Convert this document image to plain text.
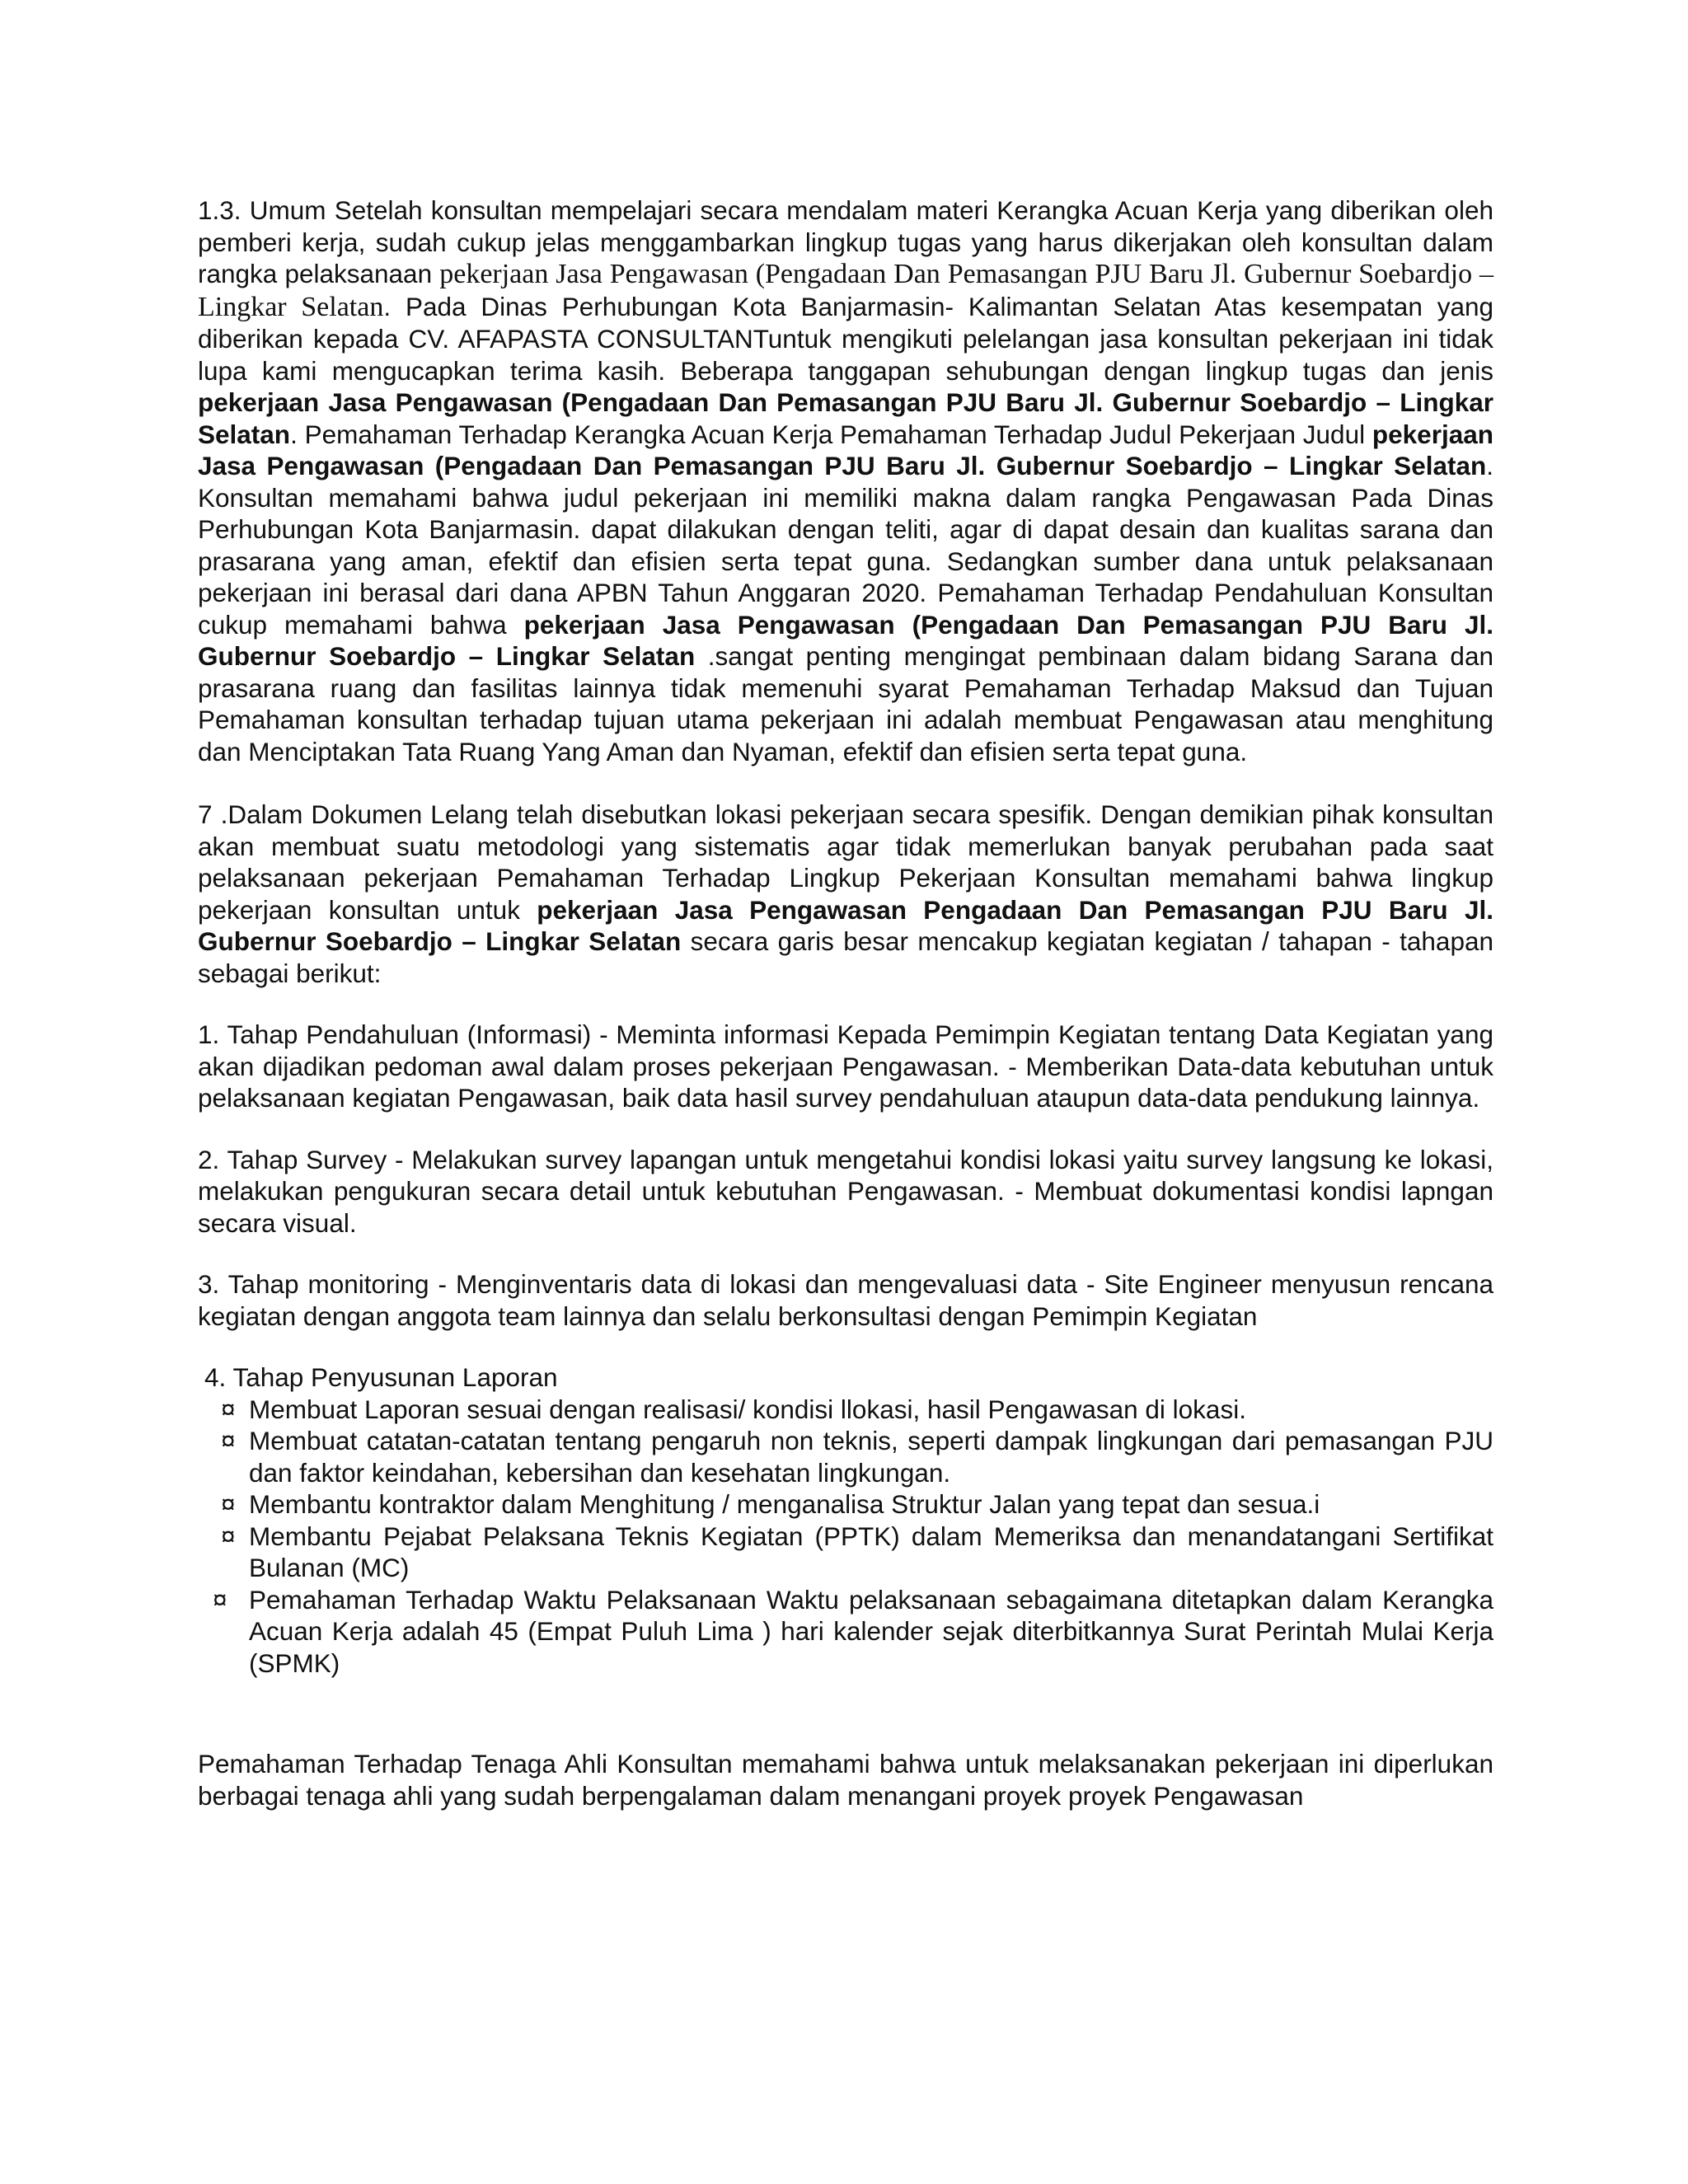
1.3. Umum Setelah konsultan mempelajari secara mendalam materi Kerangka Acuan Kerja yang diberikan oleh pemberi kerja, sudah cukup jelas menggambarkan lingkup tugas yang harus dikerjakan oleh konsultan dalam rangka pelaksanaan pekerjaan Jasa Pengawasan (Pengadaan Dan Pemasangan PJU Baru Jl. Gubernur Soebardjo – Lingkar Selatan. Pada Dinas Perhubungan Kota Banjarmasin- Kalimantan Selatan Atas kesempatan yang diberikan kepada CV. AFAPASTA CONSULTANTuntuk mengikuti pelelangan jasa konsultan pekerjaan ini tidak lupa kami mengucapkan terima kasih. Beberapa tanggapan sehubungan dengan lingkup tugas dan jenis pekerjaan Jasa Pengawasan (Pengadaan Dan Pemasangan PJU Baru Jl. Gubernur Soebardjo – Lingkar Selatan. Pemahaman Terhadap Kerangka Acuan Kerja Pemahaman Terhadap Judul Pekerjaan Judul pekerjaan Jasa Pengawasan (Pengadaan Dan Pemasangan PJU Baru Jl. Gubernur Soebardjo – Lingkar Selatan. Konsultan memahami bahwa judul pekerjaan ini memiliki makna dalam rangka Pengawasan Pada Dinas Perhubungan Kota Banjarmasin. dapat dilakukan dengan teliti, agar di dapat desain dan kualitas sarana dan prasarana yang aman, efektif dan efisien serta tepat guna. Sedangkan sumber dana untuk pelaksanaan pekerjaan ini berasal dari dana APBN Tahun Anggaran 2020. Pemahaman Terhadap Pendahuluan Konsultan cukup memahami bahwa pekerjaan Jasa Pengawasan (Pengadaan Dan Pemasangan PJU Baru Jl. Gubernur Soebardjo – Lingkar Selatan .sangat penting mengingat pembinaan dalam bidang Sarana dan prasarana ruang dan fasilitas lainnya tidak memenuhi syarat Pemahaman Terhadap Maksud dan Tujuan Pemahaman konsultan terhadap tujuan utama pekerjaan ini adalah membuat Pengawasan atau menghitung dan Menciptakan Tata Ruang Yang Aman dan Nyaman, efektif dan efisien serta tepat guna.

7 .Dalam Dokumen Lelang telah disebutkan lokasi pekerjaan secara spesifik. Dengan demikian pihak konsultan akan membuat suatu metodologi yang sistematis agar tidak memerlukan banyak perubahan pada saat pelaksanaan pekerjaan Pemahaman Terhadap Lingkup Pekerjaan Konsultan memahami bahwa lingkup pekerjaan konsultan untuk pekerjaan Jasa Pengawasan Pengadaan Dan Pemasangan PJU Baru Jl. Gubernur Soebardjo – Lingkar Selatan secara garis besar mencakup kegiatan kegiatan / tahapan - tahapan sebagai berikut:

1. Tahap Pendahuluan (Informasi) - Meminta informasi Kepada Pemimpin Kegiatan tentang Data Kegiatan yang akan dijadikan pedoman awal dalam proses pekerjaan Pengawasan. - Memberikan Data-data kebutuhan untuk pelaksanaan kegiatan Pengawasan, baik data hasil survey pendahuluan ataupun data-data pendukung lainnya.

2. Tahap Survey - Melakukan survey lapangan untuk mengetahui kondisi lokasi yaitu survey langsung ke lokasi, melakukan pengukuran secara detail untuk kebutuhan Pengawasan. - Membuat dokumentasi kondisi lapngan secara visual.

3. Tahap monitoring - Menginventaris data di lokasi dan mengevaluasi data - Site Engineer menyusun rencana kegiatan dengan anggota team lainnya dan selalu berkonsultasi dengan Pemimpin Kegiatan

4. Tahap Penyusunan Laporan

¤ Membuat Laporan sesuai dengan realisasi/ kondisi llokasi, hasil Pengawasan di lokasi.
¤ Membuat catatan-catatan tentang pengaruh non teknis, seperti dampak lingkungan dari pemasangan PJU dan faktor keindahan, kebersihan dan kesehatan lingkungan.
¤ Membantu kontraktor dalam Menghitung / menganalisa Struktur Jalan yang tepat dan sesua.i
¤ Membantu Pejabat Pelaksana Teknis Kegiatan (PPTK) dalam Memeriksa dan menandatangani Sertifikat Bulanan (MC)
¤ Pemahaman Terhadap Waktu Pelaksanaan Waktu pelaksanaan sebagaimana ditetapkan dalam Kerangka Acuan Kerja adalah 45 (Empat Puluh Lima ) hari kalender sejak diterbitkannya Surat Perintah Mulai Kerja (SPMK)

Pemahaman Terhadap Tenaga Ahli Konsultan memahami bahwa untuk melaksanakan pekerjaan ini diperlukan berbagai tenaga ahli yang sudah berpengalaman dalam menangani proyek proyek Pengawasan
